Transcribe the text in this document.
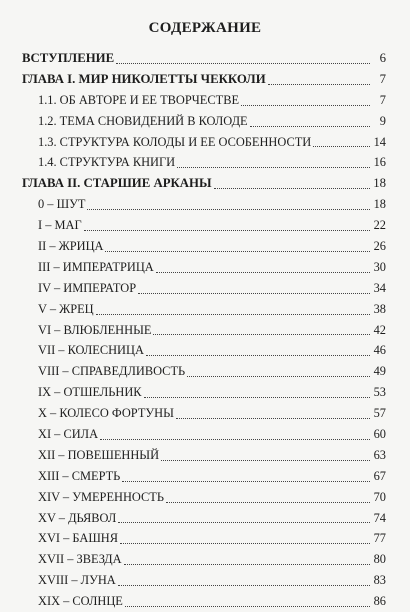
СОДЕРЖАНИЕ
ВСТУПЛЕНИЕ	6
ГЛАВА I. МИР НИКОЛЕТТЫ ЧЕККОЛИ	7
1.1. ОБ АВТОРЕ И ЕЕ ТВОРЧЕСТВЕ	7
1.2. ТЕМА СНОВИДЕНИЙ В КОЛОДЕ	9
1.3. СТРУКТУРА КОЛОДЫ И ЕЕ ОСОБЕННОСТИ	14
1.4. СТРУКТУРА КНИГИ	16
ГЛАВА II. СТАРШИЕ АРКАНЫ	18
0 – ШУТ	18
I – МАГ	22
II – ЖРИЦА	26
III – ИМПЕРАТРИЦА	30
IV – ИМПЕРАТОР	34
V – ЖРЕЦ	38
VI – ВЛЮБЛЕННЫЕ	42
VII – КОЛЕСНИЦА	46
VIII – СПРАВЕДЛИВОСТЬ	49
IX – ОТШЕЛЬНИК	53
X – КОЛЕСО ФОРТУНЫ	57
XI – СИЛА	60
XII – ПОВЕШЕННЫЙ	63
XIII – СМЕРТЬ	67
XIV – УМЕРЕННОСТЬ	70
XV – ДЬЯВОЛ	74
XVI – БАШНЯ	77
XVII – ЗВЕЗДА	80
XVIII – ЛУНА	83
XIX – СОЛНЦЕ	86
